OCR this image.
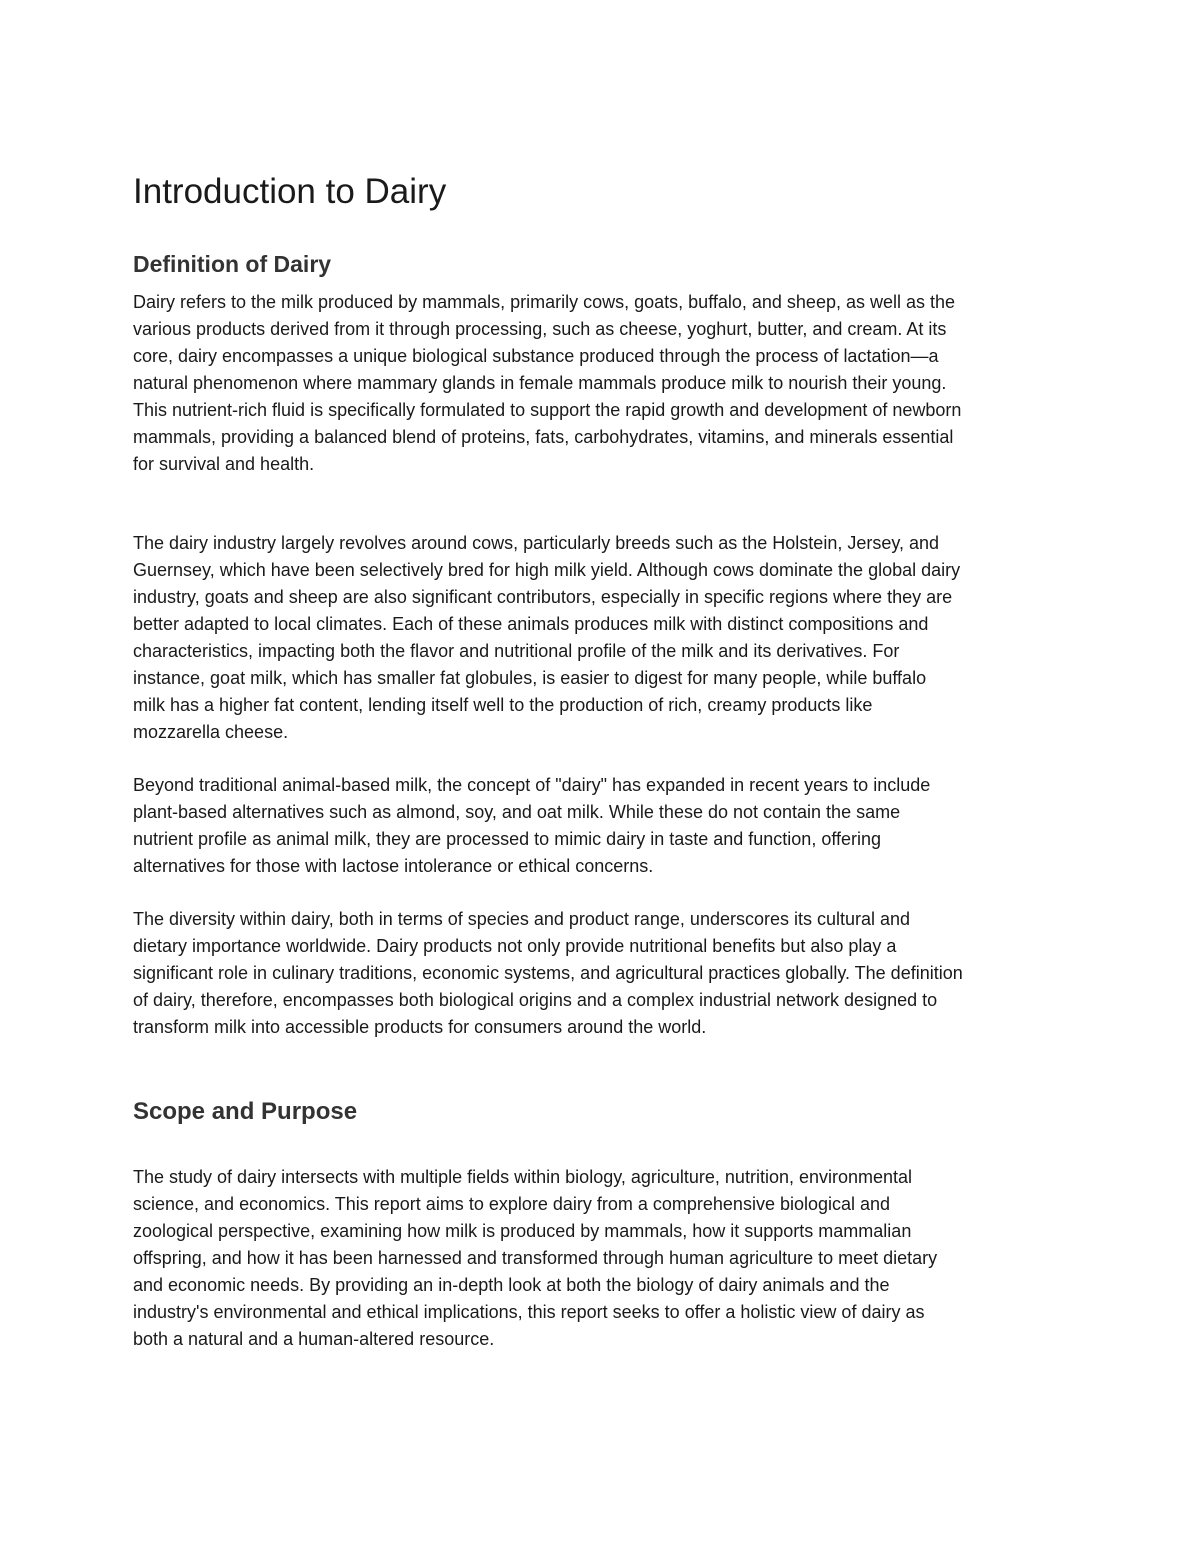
Introduction to Dairy
Definition of Dairy

Dairy refers to the milk produced by mammals, primarily cows, goats, buffalo, and sheep, as well as the various products derived from it through processing, such as cheese, yoghurt, butter, and cream. At its core, dairy encompasses a unique biological substance produced through the process of lactation—a natural phenomenon where mammary glands in female mammals produce milk to nourish their young. This nutrient-rich fluid is specifically formulated to support the rapid growth and development of newborn mammals, providing a balanced blend of proteins, fats, carbohydrates, vitamins, and minerals essential for survival and health.

The dairy industry largely revolves around cows, particularly breeds such as the Holstein, Jersey, and Guernsey, which have been selectively bred for high milk yield. Although cows dominate the global dairy industry, goats and sheep are also significant contributors, especially in specific regions where they are better adapted to local climates. Each of these animals produces milk with distinct compositions and characteristics, impacting both the flavor and nutritional profile of the milk and its derivatives. For instance, goat milk, which has smaller fat globules, is easier to digest for many people, while buffalo milk has a higher fat content, lending itself well to the production of rich, creamy products like mozzarella cheese.

Beyond traditional animal-based milk, the concept of "dairy" has expanded in recent years to include plant-based alternatives such as almond, soy, and oat milk. While these do not contain the same nutrient profile as animal milk, they are processed to mimic dairy in taste and function, offering alternatives for those with lactose intolerance or ethical concerns.

The diversity within dairy, both in terms of species and product range, underscores its cultural and dietary importance worldwide. Dairy products not only provide nutritional benefits but also play a significant role in culinary traditions, economic systems, and agricultural practices globally. The definition of dairy, therefore, encompasses both biological origins and a complex industrial network designed to transform milk into accessible products for consumers around the world.

Scope and Purpose

The study of dairy intersects with multiple fields within biology, agriculture, nutrition, environmental science, and economics. This report aims to explore dairy from a comprehensive biological and zoological perspective, examining how milk is produced by mammals, how it supports mammalian offspring, and how it has been harnessed and transformed through human agriculture to meet dietary and economic needs. By providing an in-depth look at both the biology of dairy animals and the industry's environmental and ethical implications, this report seeks to offer a holistic view of dairy as both a natural and a human-altered resource.
